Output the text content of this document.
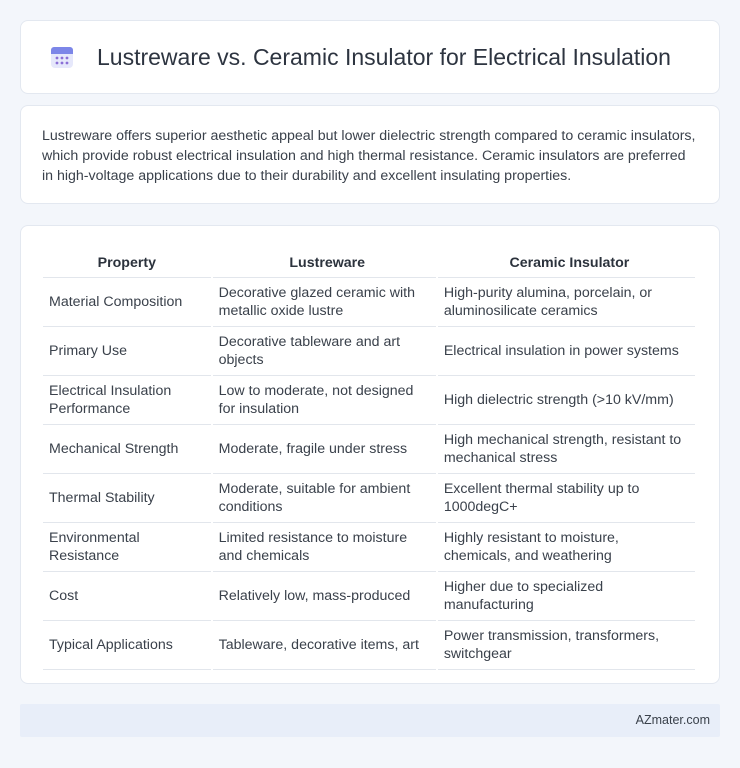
Lustreware vs. Ceramic Insulator for Electrical Insulation

Lustreware offers superior aesthetic appeal but lower dielectric strength compared to ceramic insulators, which provide robust electrical insulation and high thermal resistance. Ceramic insulators are preferred in high-voltage applications due to their durability and excellent insulating properties.

Property	Lustreware	Ceramic Insulator
Material Composition	Decorative glazed ceramic with metallic oxide lustre	High-purity alumina, porcelain, or aluminosilicate ceramics
Primary Use	Decorative tableware and art objects	Electrical insulation in power systems
Electrical Insulation Performance	Low to moderate, not designed for insulation	High dielectric strength (>10 kV/mm)
Mechanical Strength	Moderate, fragile under stress	High mechanical strength, resistant to mechanical stress
Thermal Stability	Moderate, suitable for ambient conditions	Excellent thermal stability up to 1000degC+
Environmental Resistance	Limited resistance to moisture and chemicals	Highly resistant to moisture, chemicals, and weathering
Cost	Relatively low, mass-produced	Higher due to specialized manufacturing
Typical Applications	Tableware, decorative items, art	Power transmission, transformers, switchgear
AZmater.com
